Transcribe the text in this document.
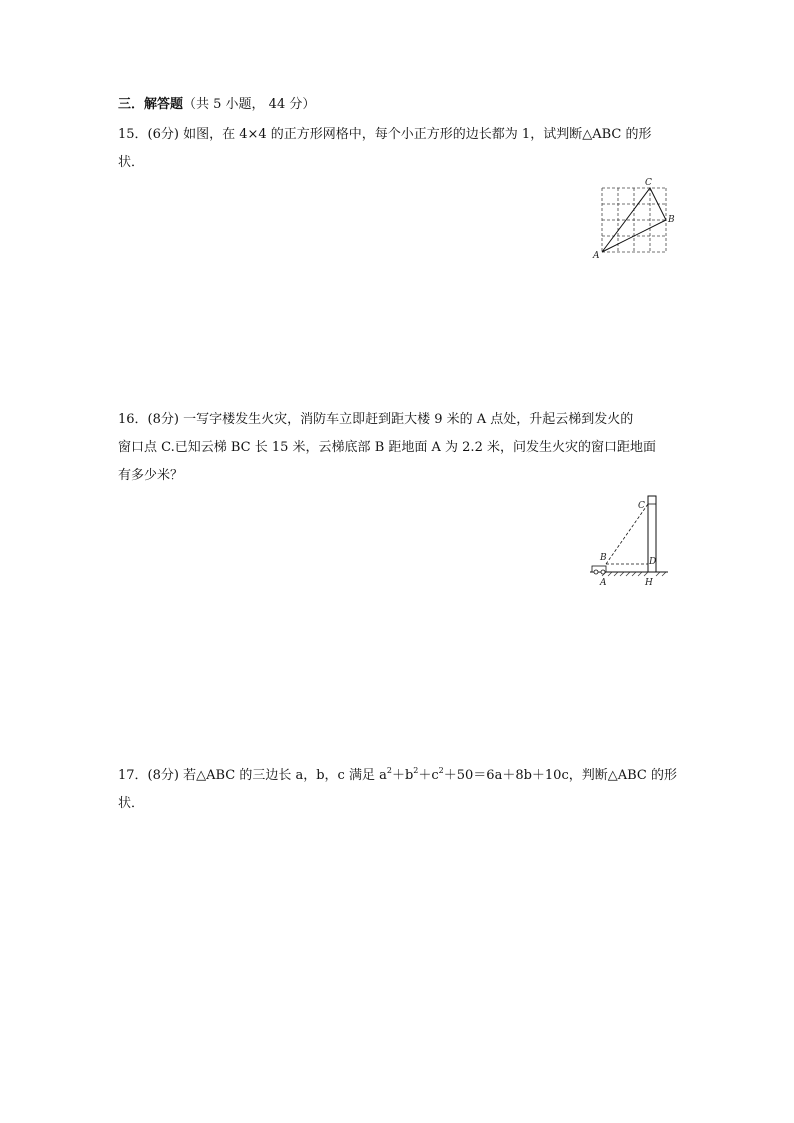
三．解答题（共 5 小题， 44 分）
15．(6分) 如图，在 4×4 的正方形网格中，每个小正方形的边长都为 1，试判断△ABC 的形
状．
A
C
B
16．(8分) 一写字楼发生火灾，消防车立即赶到距大楼 9 米的 A 点处，升起云梯到发火的
窗口点 C.已知云梯 BC 长 15 米，云梯底部 B 距地面 A 为 2.2 米，问发生火灾的窗口距地面
有多少米？
C
B	D
A	H
17．(8分) 若△ABC 的三边长 a，b，c 满足 $a^2+b^2+c^2+50=6a+8b+10c$，判断△ABC 的形
状．
